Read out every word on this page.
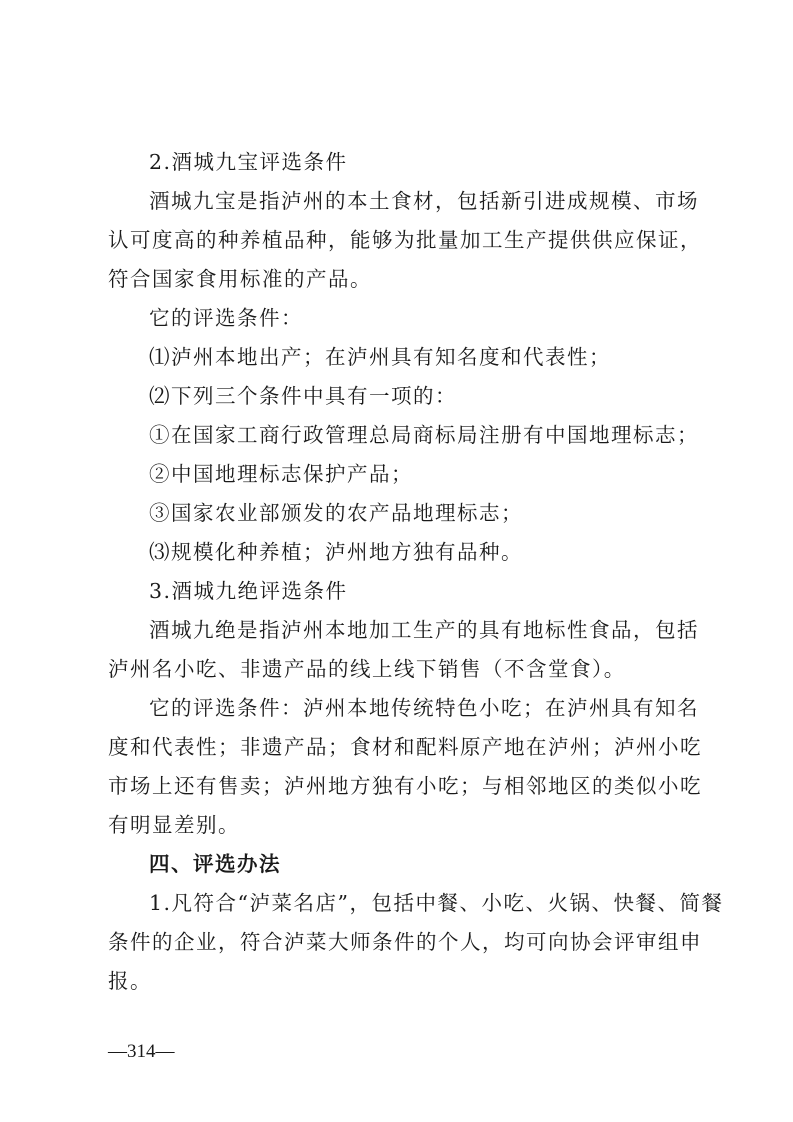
2.酒城九宝评选条件
酒城九宝是指泸州的本土食材，包括新引进成规模、市场
认可度高的种养植品种，能够为批量加工生产提供供应保证，
符合国家食用标准的产品。
它的评选条件：
⑴泸州本地出产；在泸州具有知名度和代表性；
⑵下列三个条件中具有一项的：
①在国家工商行政管理总局商标局注册有中国地理标志；
②中国地理标志保护产品；
③国家农业部颁发的农产品地理标志；
⑶规模化种养植；泸州地方独有品种。
3.酒城九绝评选条件
酒城九绝是指泸州本地加工生产的具有地标性食品，包括
泸州名小吃、非遗产品的线上线下销售（不含堂食）。
它的评选条件：泸州本地传统特色小吃；在泸州具有知名
度和代表性；非遗产品；食材和配料原产地在泸州；泸州小吃
市场上还有售卖；泸州地方独有小吃；与相邻地区的类似小吃
有明显差别。
四、评选办法
1.凡符合“泸菜名店”，包括中餐、小吃、火锅、快餐、简餐
条件的企业，符合泸菜大师条件的个人，均可向协会评审组申
报。
—314—
